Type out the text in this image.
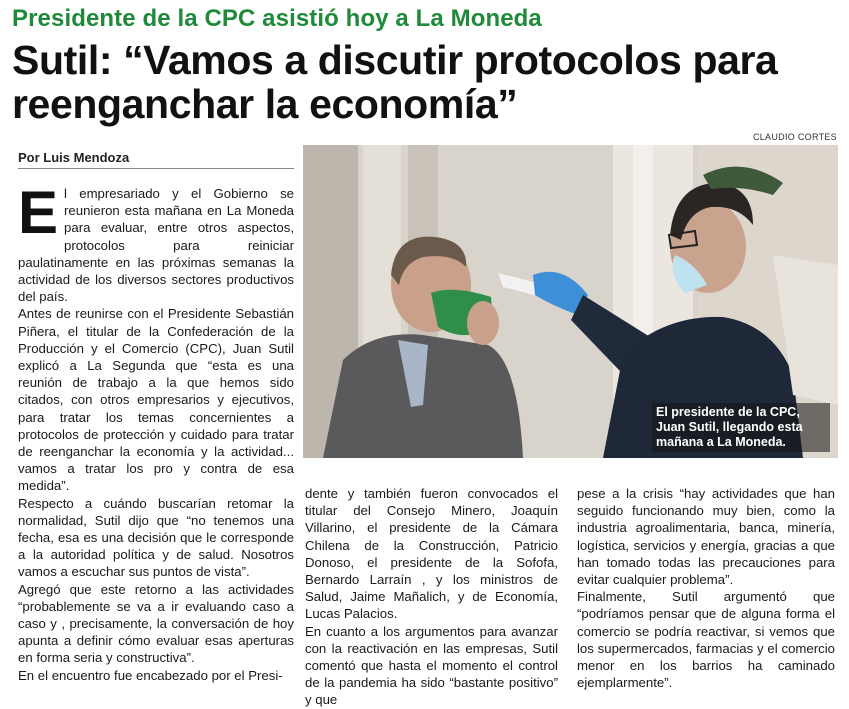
Presidente de la CPC asistió hoy a La Moneda
Sutil: “Vamos a discutir protocolos para reenganchar la economía”
CLAUDIO CORTES
Por Luis Mendoza

El empresariado y el Gobierno se reunieron esta mañana en La Moneda para evaluar, entre otros aspectos, protocolos para reiniciar paulatinamente en las próximas semanas la actividad de los diversos sectores productivos del país.

Antes de reunirse con el Presidente Sebastián Piñera, el titular de la Confederación de la Producción y el Comercio (CPC), Juan Sutil explicó a La Segunda que “esta es una reunión de trabajo a la que hemos sido citados, con otros empresarios y ejecutivos, para tratar los temas concernientes a protocolos de protección y cuidado para tratar de reenganchar la economía y la actividad... vamos a tratar los pro y contra de esa medida”.

Respecto a cuándo buscarían retomar la normalidad, Sutil dijo que “no tenemos una fecha, esa es una decisión que le corresponde a la autoridad política y de salud. Nosotros vamos a escuchar sus puntos de vista”.

Agregó que este retorno a las actividades “probablemente se va a ir evaluando caso a caso y , precisamente, la conversación de hoy apunta a definir cómo evaluar esas aperturas en forma seria y constructiva”.

En el encuentro fue encabezado por el Presi-

El presidente de la CPC, Juan Sutil, llegando esta mañana a La Moneda.

dente y también fueron convocados el titular del Consejo Minero, Joaquín Villarino, el presidente de la Cámara Chilena de la Construcción, Patricio Donoso, el presidente de la Sofofa, Bernardo Larraín , y los ministros de Salud, Jaime Mañalich, y de Economía, Lucas Palacios.

En cuanto a los argumentos para avanzar con la reactivación en las empresas, Sutil comentó que hasta el momento el control de la pandemia ha sido “bastante positivo” y que

pese a la crisis “hay actividades que han seguido funcionando muy bien, como la industria agroalimentaria, banca, minería, logística, servicios y energía, gracias a que han tomado todas las precauciones para evitar cualquier problema”.

Finalmente, Sutil argumentó que “podríamos pensar que de alguna forma el comercio se podría reactivar, si vemos que los supermercados, farmacias y el comercio menor en los barrios ha caminado ejemplarmente”.
